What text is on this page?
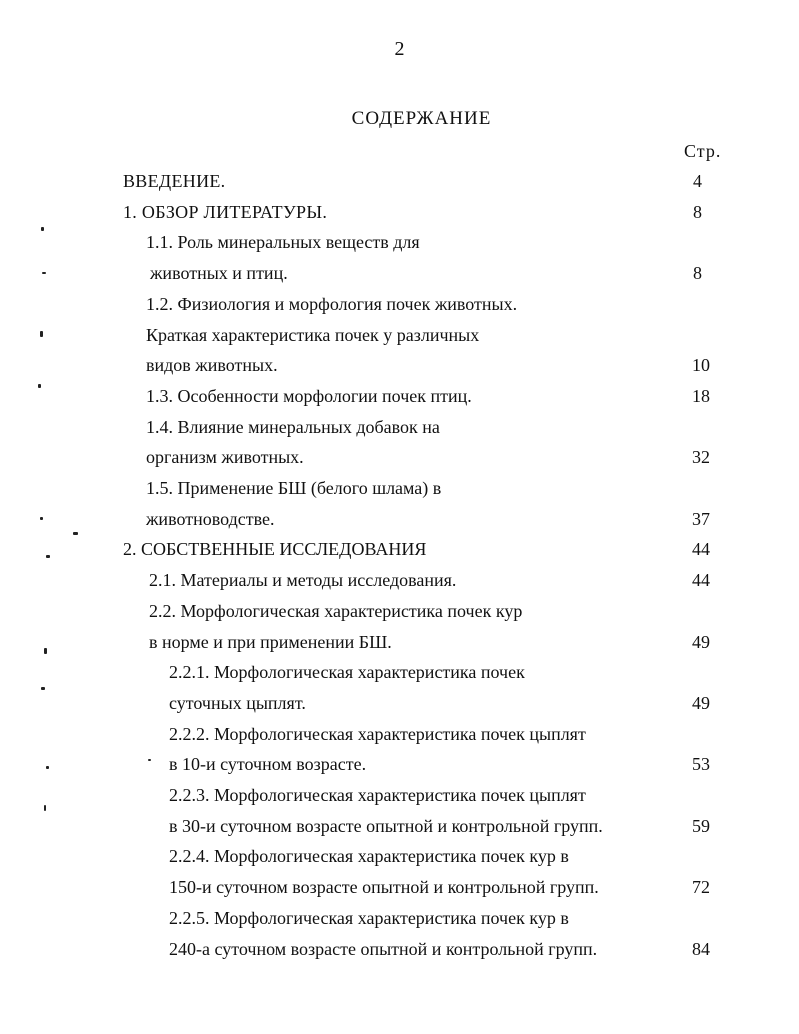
2
СОДЕРЖАНИЕ
Стр.
ВВЕДЕНИЕ.	4
1. ОБЗОР ЛИТЕРАТУРЫ.	8
1.1. Роль минеральных веществ для
животных и птиц.	8
1.2. Физиология и морфология почек животных.
Краткая характеристика почек у различных
видов животных.	10
1.3. Особенности морфологии почек птиц.	18
1.4. Влияние минеральных добавок на
организм животных.	32
1.5. Применение БШ (белого шлама) в
животноводстве.	37
2. СОБСТВЕННЫЕ ИССЛЕДОВАНИЯ	44
2.1. Материалы и методы исследования.	44
2.2. Морфологическая характеристика почек кур
в норме и при применении БШ.	49
2.2.1. Морфологическая характеристика почек
суточных цыплят.	49
2.2.2. Морфологическая характеристика почек цыплят
в 10-и суточном возрасте.	53
2.2.3. Морфологическая характеристика почек цыплят
в 30-и суточном возрасте опытной и контрольной групп.	59
2.2.4. Морфологическая характеристика почек кур в
150-и суточном возрасте опытной и контрольной групп.	72
2.2.5. Морфологическая характеристика почек кур в
240-а суточном возрасте опытной и контрольной групп.	84
